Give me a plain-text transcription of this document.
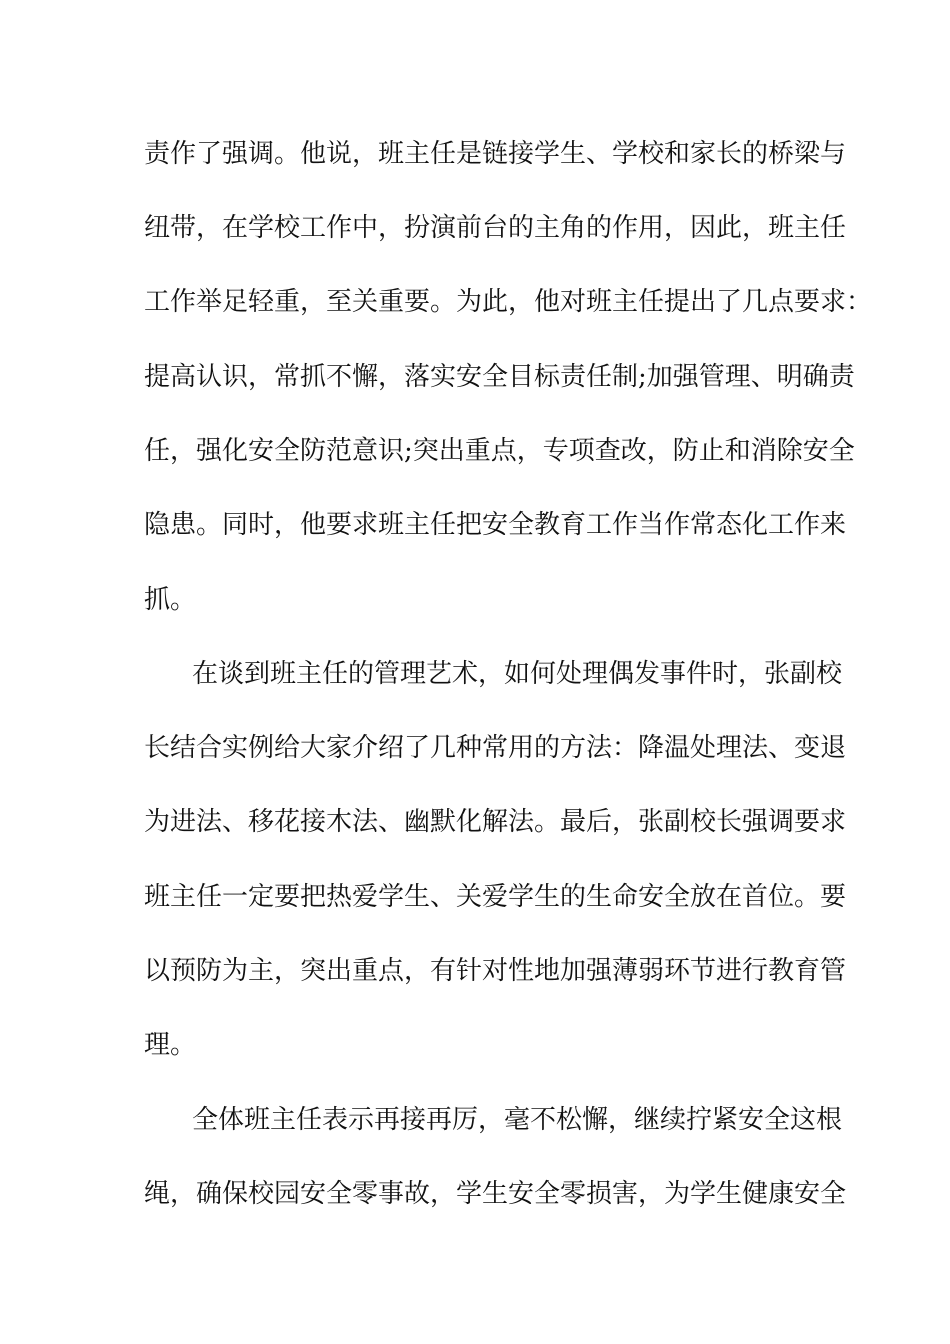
责作了强调。他说，班主任是链接学生、学校和家长的桥梁与

纽带，在学校工作中，扮演前台的主角的作用，因此，班主任

工作举足轻重，至关重要。为此，他对班主任提出了几点要求：

提高认识，常抓不懈，落实安全目标责任制;加强管理、明确责

任，强化安全防范意识;突出重点，专项查改，防止和消除安全

隐患。同时，他要求班主任把安全教育工作当作常态化工作来

抓。

在谈到班主任的管理艺术，如何处理偶发事件时，张副校

长结合实例给大家介绍了几种常用的方法：降温处理法、变退

为进法、移花接木法、幽默化解法。最后，张副校长强调要求

班主任一定要把热爱学生、关爱学生的生命安全放在首位。要

以预防为主，突出重点，有针对性地加强薄弱环节进行教育管

理。

全体班主任表示再接再厉，毫不松懈，继续拧紧安全这根

绳，确保校园安全零事故，学生安全零损害，为学生健康安全
